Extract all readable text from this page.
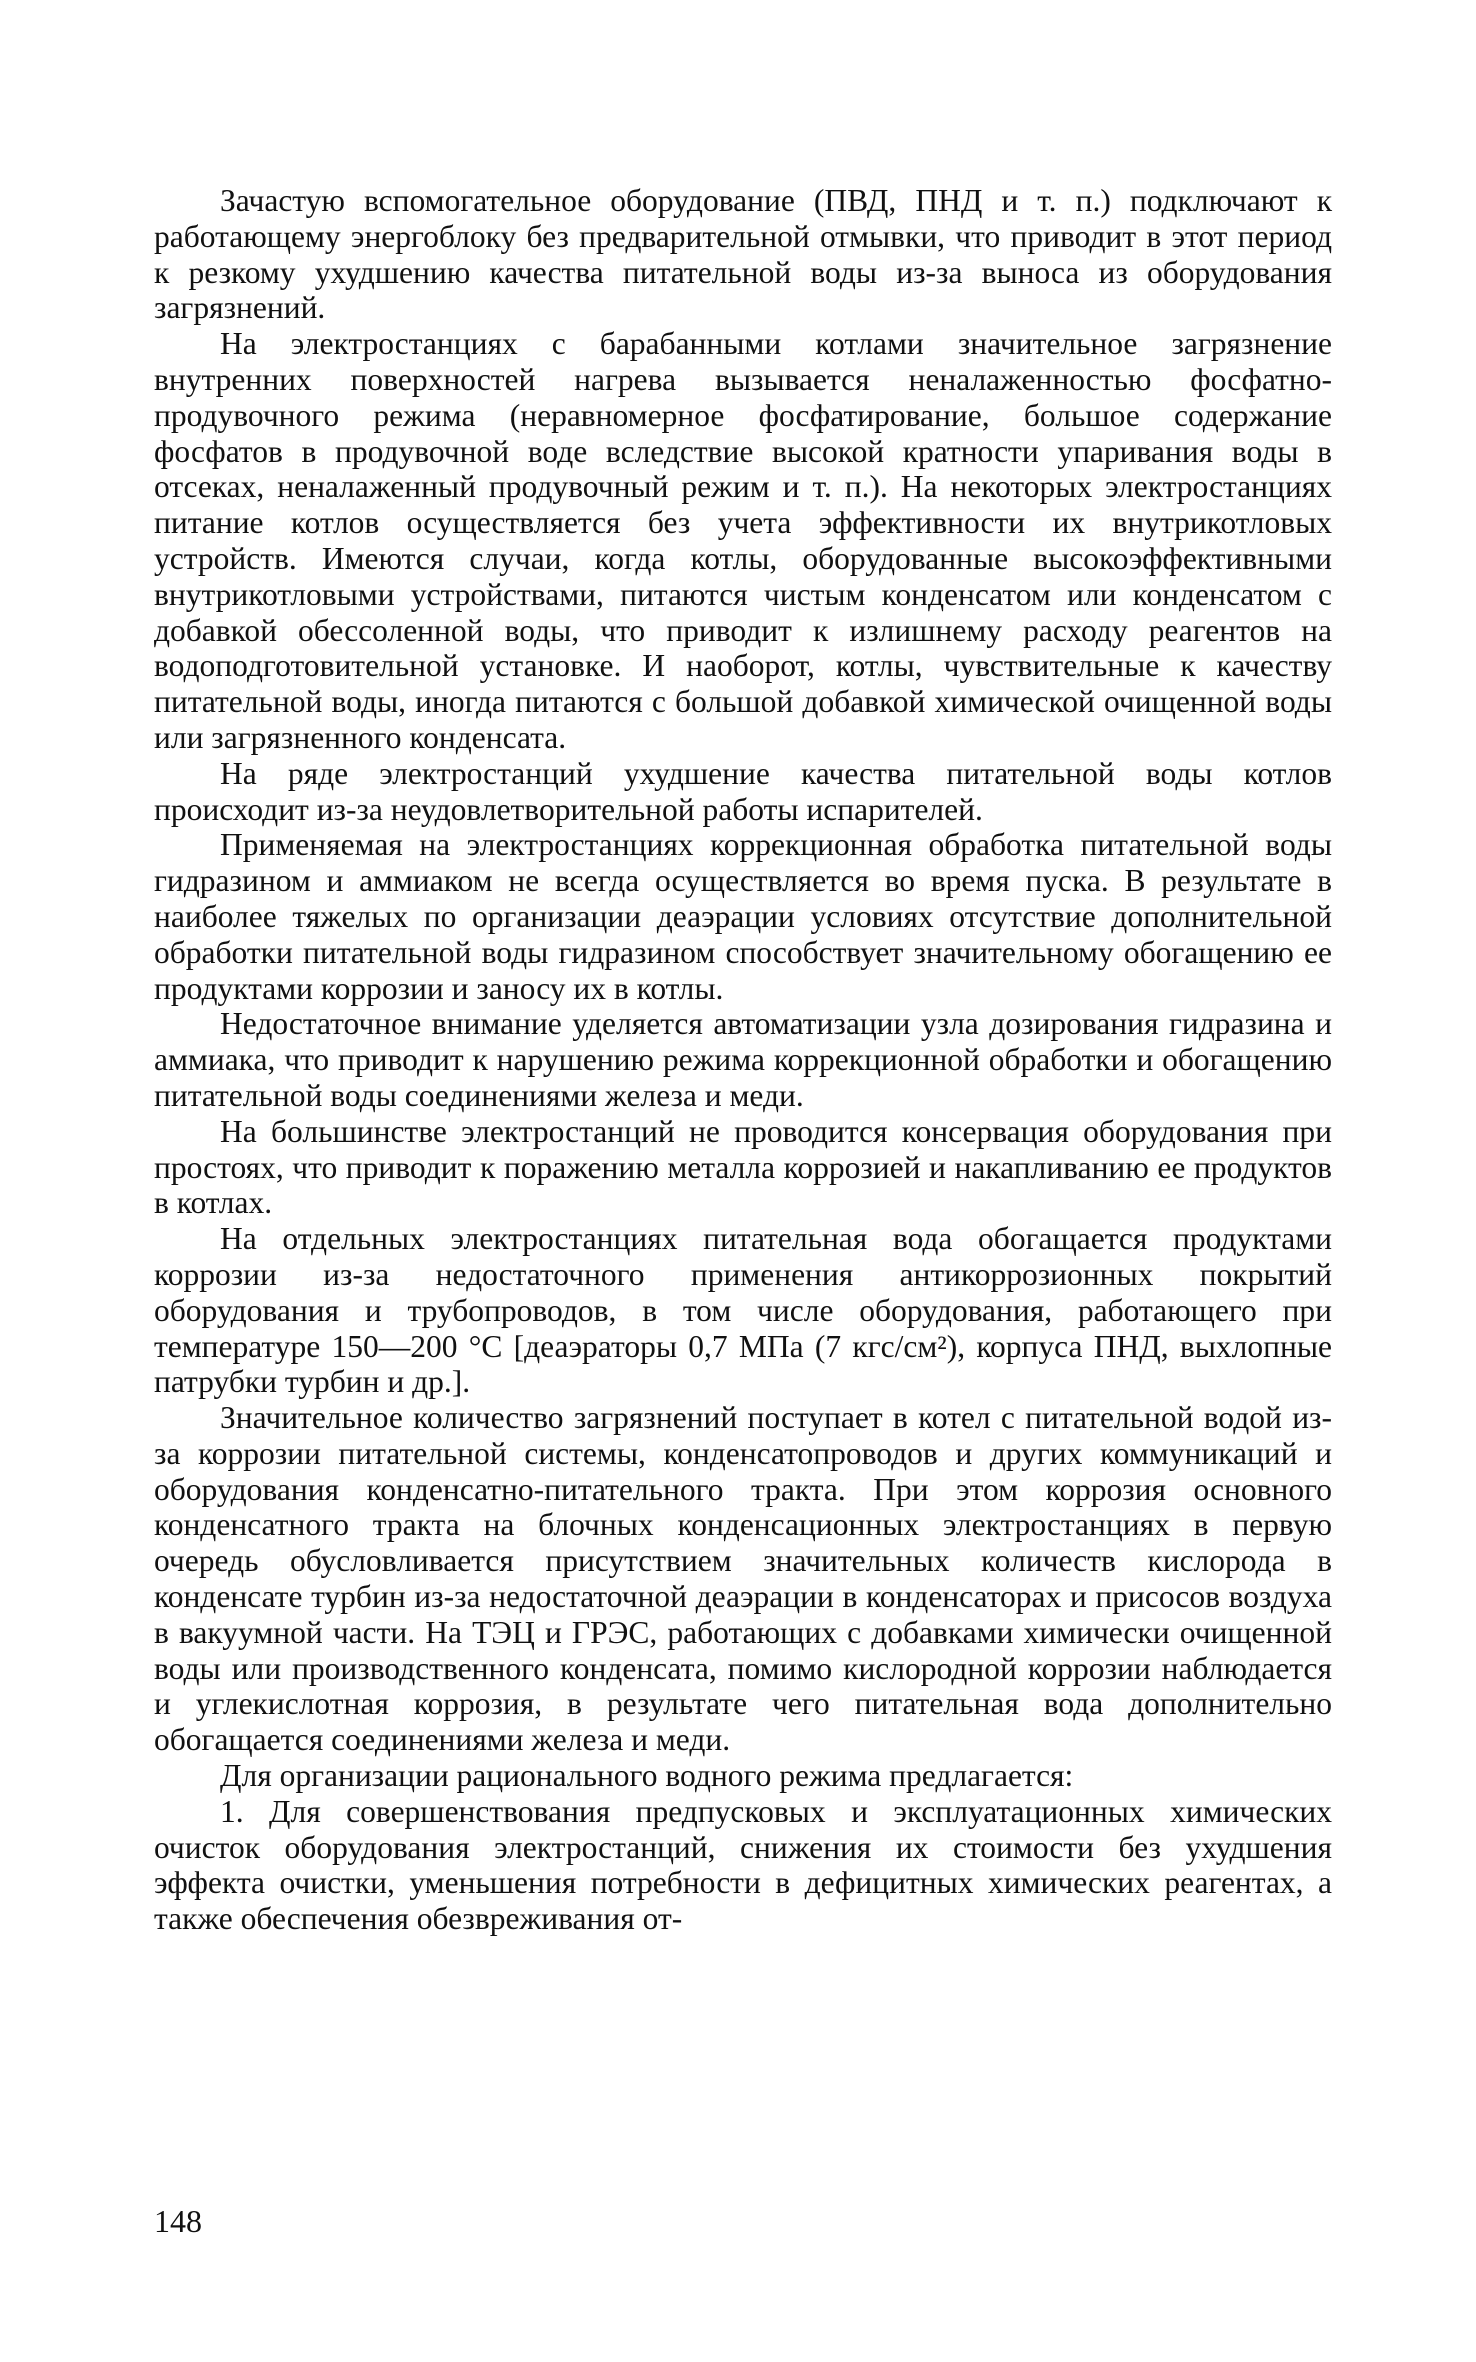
Зачастую вспомогательное оборудование (ПВД, ПНД и т. п.) подключают к работающему энергоблоку без предварительной отмывки, что приводит в этот период к резкому ухудшению качества питательной воды из-за выноса из оборудования загрязнений.

На электростанциях с барабанными котлами значительное загрязнение внутренних поверхностей нагрева вызывается неналаженностью фосфатно-продувочного режима (неравномерное фосфатирование, большое содержание фосфатов в продувочной воде вследствие высокой кратности упаривания воды в отсеках, неналаженный продувочный режим и т. п.). На некоторых электростанциях питание котлов осуществляется без учета эффективности их внутрикотловых устройств. Имеются случаи, когда котлы, оборудованные высокоэффективными внутрикотловыми устройствами, питаются чистым конденсатом или конденсатом с добавкой обессоленной воды, что приводит к излишнему расходу реагентов на водоподготовительной установке. И наоборот, котлы, чувствительные к качеству питательной воды, иногда питаются с большой добавкой химической очищенной воды или загрязненного конденсата.

На ряде электростанций ухудшение качества питательной воды котлов происходит из-за неудовлетворительной работы испарителей.

Применяемая на электростанциях коррекционная обработка питательной воды гидразином и аммиаком не всегда осуществляется во время пуска. В результате в наиболее тяжелых по организации деаэрации условиях отсутствие дополнительной обработки питательной воды гидразином способствует значительному обогащению ее продуктами коррозии и заносу их в котлы.

Недостаточное внимание уделяется автоматизации узла дозирования гидразина и аммиака, что приводит к нарушению режима коррекционной обработки и обогащению питательной воды соединениями железа и меди.

На большинстве электростанций не проводится консервация оборудования при простоях, что приводит к поражению металла коррозией и накапливанию ее продуктов в котлах.

На отдельных электростанциях питательная вода обогащается продуктами коррозии из-за недостаточного применения антикоррозионных покрытий оборудования и трубопроводов, в том числе оборудования, работающего при температуре 150—200 °С [деаэраторы 0,7 МПа (7 кгс/см²), корпуса ПНД, выхлопные патрубки турбин и др.].

Значительное количество загрязнений поступает в котел с питательной водой из-за коррозии питательной системы, конденсатопроводов и других коммуникаций и оборудования конденсатно-питательного тракта. При этом коррозия основного конденсатного тракта на блочных конденсационных электростанциях в первую очередь обусловливается присутствием значительных количеств кислорода в конденсате турбин из-за недостаточной деаэрации в конденсаторах и присосов воздуха в вакуумной части. На ТЭЦ и ГРЭС, работающих с добавками химически очищенной воды или производственного конденсата, помимо кислородной коррозии наблюдается и углекислотная коррозия, в результате чего питательная вода дополнительно обогащается соединениями железа и меди.

Для организации рационального водного режима предлагается:

1. Для совершенствования предпусковых и эксплуатационных химических очисток оборудования электростанций, снижения их стоимости без ухудшения эффекта очистки, уменьшения потребности в дефицитных химических реагентах, а также обеспечения обезвреживания от-

148
